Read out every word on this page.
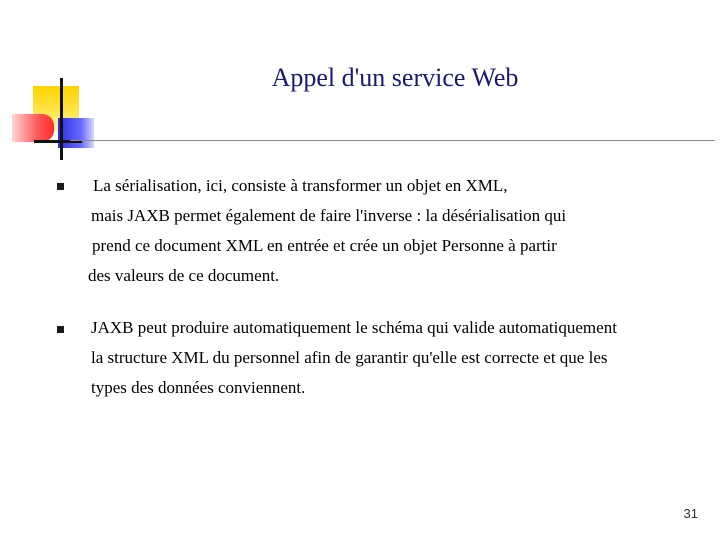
Appel d'un service Web
La sérialisation, ici, consiste à transformer un objet en XML,
mais JAXB permet également de faire l'inverse : la désérialisation qui
prend ce document XML en entrée et crée un objet Personne à partir
des valeurs de ce document.
JAXB peut produire automatiquement le schéma qui valide automatiquement
la structure XML du personnel afin de garantir qu'elle est correcte et que les
types des données conviennent.
31
